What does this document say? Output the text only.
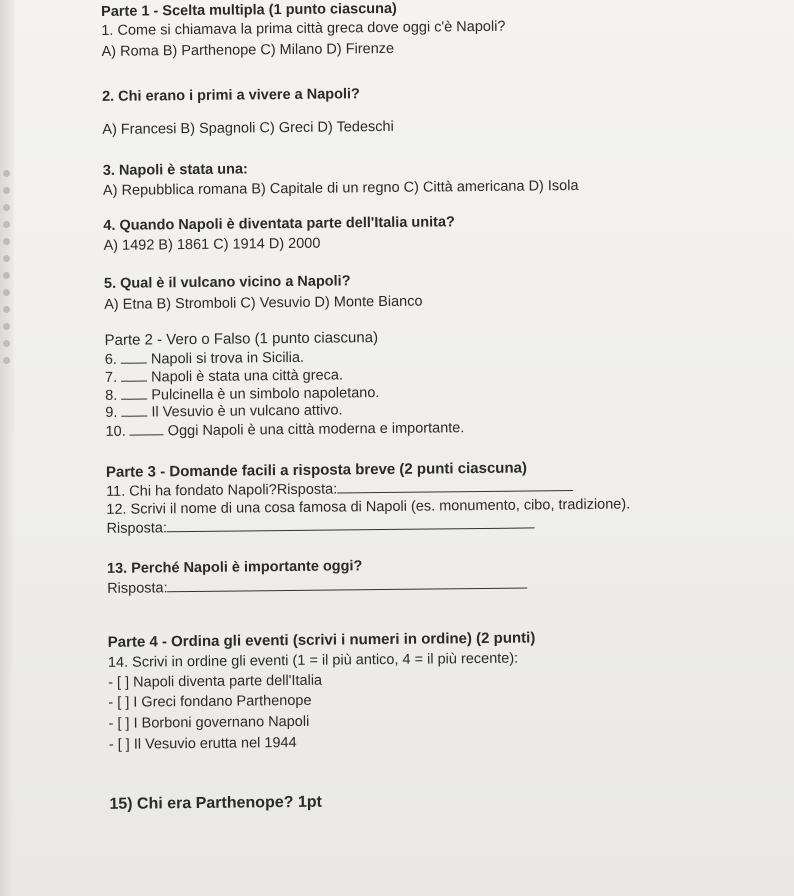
Parte 1 - Scelta multipla (1 punto ciascuna)
1. Come si chiamava la prima città greca dove oggi c'è Napoli?
A) Roma B) Parthenope C) Milano D) Firenze
2. Chi erano i primi a vivere a Napoli?
A) Francesi B) Spagnoli C) Greci D) Tedeschi
3. Napoli è stata una:
A) Repubblica romana B) Capitale di un regno C) Città americana D) Isola
4. Quando Napoli è diventata parte dell'Italia unita?
A) 1492 B) 1861 C) 1914 D) 2000
5. Qual è il vulcano vicino a Napoli?
A) Etna B) Stromboli C) Vesuvio D) Monte Bianco
Parte 2 - Vero o Falso (1 punto ciascuna)
6. Napoli si trova in Sicilia.
7. Napoli è stata una città greca.
8. Pulcinella è un simbolo napoletano.
9. Il Vesuvio è un vulcano attivo.
10.	Oggi Napoli è una città moderna e importante.
Parte 3 - Domande facili a risposta breve (2 punti ciascuna)
11. Chi ha fondato Napoli?Risposta:
12. Scrivi il nome di una cosa famosa di Napoli (es. monumento, cibo, tradizione).
Risposta:
13. Perché Napoli è importante oggi?
Risposta:
Parte 4 - Ordina gli eventi (scrivi i numeri in ordine) (2 punti)
14. Scrivi in ordine gli eventi (1 = il più antico, 4 = il più recente):
- [ ] Napoli diventa parte dell'Italia
- [ ] I Greci fondano Parthenope
- [ ] I Borboni governano Napoli
- [ ] Il Vesuvio erutta nel 1944
15) Chi era Parthenope? 1pt
